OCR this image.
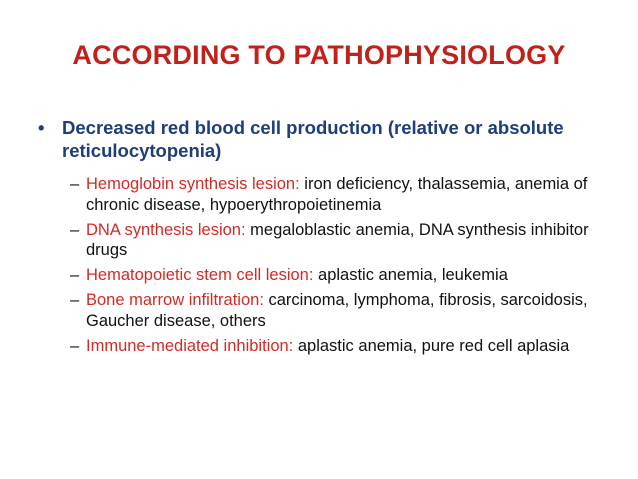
ACCORDING TO PATHOPHYSIOLOGY
• Decreased red blood cell production (relative or absolute reticulocytopenia)
– Hemoglobin synthesis lesion: iron deficiency, thalassemia, anemia of chronic disease, hypoerythropoietinemia
– DNA synthesis lesion: megaloblastic anemia, DNA synthesis inhibitor drugs
– Hematopoietic stem cell lesion: aplastic anemia, leukemia
– Bone marrow infiltration: carcinoma, lymphoma, fibrosis, sarcoidosis, Gaucher disease, others
– Immune-mediated inhibition: aplastic anemia, pure red cell aplasia
